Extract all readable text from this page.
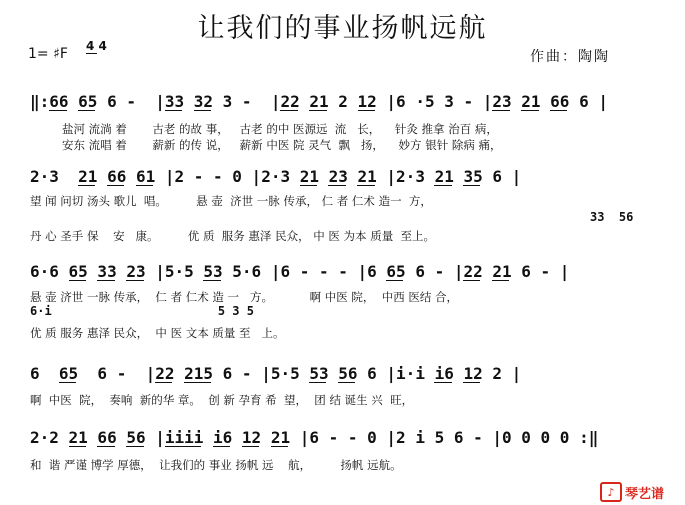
让我们的事业扬帆远航
1= ♯F 4 4
作曲：陶陶
‖:66 65 6 -  |33 32 3 -  |22 21 2 12 |6 ·5 3 - |23 21 66 6 |
盐河 流淌 着       古老 的故 事，   古老 的中 医源远  流   长，    针灸 推拿 治百 病，
安东 流唱 着       薪新 的传 说，   薪新 中医 院 灵气  飘   扬，    妙方 银针 除病 痛，
2·3  21 66 61 |2 - - 0 |2·3 21 23 21 |2·3 21 35 6 |
望 闻 问切 汤头 歌儿  唱。        悬 壶  济世 一脉 传承， 仁 者 仁术 造一  方，
33  56
丹 心 圣手 保    安   康。        优 质  服务 惠泽 民众， 中 医 为本 质量  至上。
6·6 65 33 23 |5·5 53 5·6 |6 - - - |6 65 6 - |22 21 6 - |
悬 壶 济世 一脉 传承，  仁 者 仁术 造 一   方。          啊 中医 院，  中西 医结 合，
6·i                       5 3 5
优 质 服务 惠泽 民众，  中 医 文本 质量 至   上。
6  65  6 -  |22 215 6 - |5·5 53 56 6 |i·i i6 12 2 |
啊  中医  院，  奏响  新的华 章。  创 新 孕育 希  望，  团 结 诞生 兴  旺，
2·2 21 66 56 |iiii i6 12 21 |6 - - 0 |2 i 5 6 - |0 0 0 0 :‖
和  谐 严谨 博学 厚德，  让我们的 事业 扬帆 远    航，        扬帆 远航。
♪ 琴艺谱
